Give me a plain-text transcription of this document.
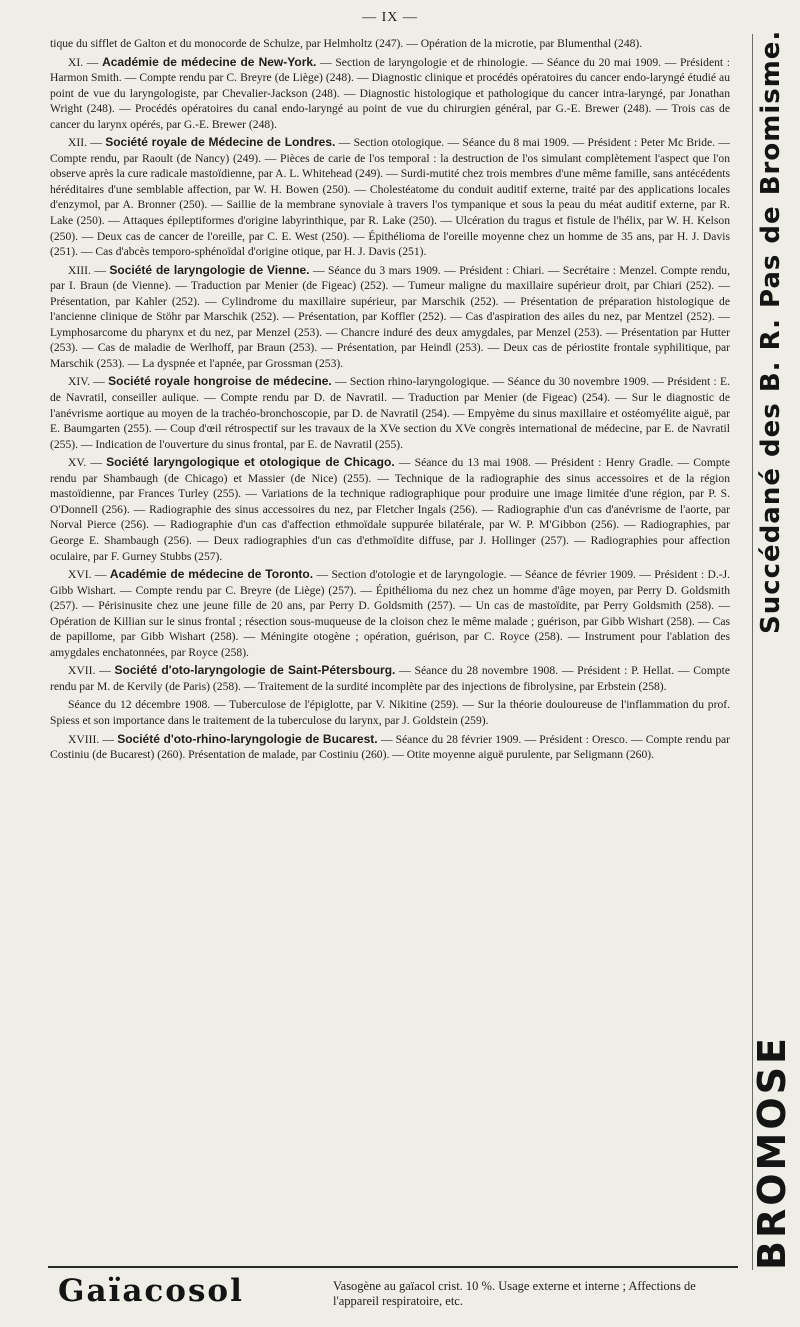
— IX —

tique du sifflet de Galton et du monocorde de Schulze, par Helmholtz (247). — Opération de la microtie, par Blumenthal (248).

XI. — Académie de médecine de New-York. — Section de laryngologie et de rhinologie. — Séance du 20 mai 1909. — Président : Harmon Smith. — Compte rendu par C. Breyre (de Liège) (248). — Diagnostic clinique et procédés opératoires du cancer endo-laryngé étudié au point de vue du laryngologiste, par Chevalier-Jackson (248). — Diagnostic histologique et pathologique du cancer intra-laryngé, par Jonathan Wright (248). — Procédés opératoires du canal endo-laryngé au point de vue du chirurgien général, par G.-E. Brewer (248). — Trois cas de cancer du larynx opérés, par G.-E. Brewer (248).

XII. — Société royale de Médecine de Londres. — Section otologique. — Séance du 8 mai 1909. — Président : Peter Mc Bride. — Compte rendu, par Raoult (de Nancy) (249). — Pièces de carie de l'os temporal : la destruction de l'os simulant complètement l'aspect que l'on observe après la cure radicale mastoïdienne, par A. L. Whitehead (249). — Surdi-mutité chez trois membres d'une même famille, sans antécédents héréditaires d'une semblable affection, par W. H. Bowen (250). — Cholestéatome du conduit auditif externe, traité par des applications locales d'enzymol, par A. Bronner (250). — Saillie de la membrane synoviale à travers l'os tympanique et sous la peau du méat auditif externe, par R. Lake (250). — Attaques épileptiformes d'origine labyrinthique, par R. Lake (250). — Ulcération du tragus et fistule de l'hélix, par W. H. Kelson (250). — Deux cas de cancer de l'oreille, par C. E. West (250). — Épithélioma de l'oreille moyenne chez un homme de 35 ans, par H. J. Davis (251). — Cas d'abcès temporo-sphénoïdal d'origine otique, par H. J. Davis (251).

XIII. — Société de laryngologie de Vienne. — Séance du 3 mars 1909. — Président : Chiari. — Secrétaire : Menzel. Compte rendu, par I. Braun (de Vienne). — Traduction par Menier (de Figeac) (252). — Tumeur maligne du maxillaire supérieur droit, par Chiari (252). — Présentation, par Kahler (252). — Cylindrome du maxillaire supérieur, par Marschik (252). — Présentation de préparation histologique de l'ancienne clinique de Stöhr par Marschik (252). — Présentation, par Koffler (252). — Cas d'aspiration des ailes du nez, par Mentzel (252). — Lymphosarcome du pharynx et du nez, par Menzel (253). — Chancre induré des deux amygdales, par Menzel (253). — Présentation par Hutter (253). — Cas de maladie de Werlhoff, par Braun (253). — Présentation, par Heindl (253). — Deux cas de périostite frontale syphilitique, par Marschik (253). — La dyspnée et l'apnée, par Grossman (253).

XIV. — Société royale hongroise de médecine. — Section rhino-laryngologique. — Séance du 30 novembre 1909. — Président : E. de Navratil, conseiller aulique. — Compte rendu par D. de Navratil. — Traduction par Menier (de Figeac) (254). — Sur le diagnostic de l'anévrisme aortique au moyen de la trachéo-bronchoscopie, par D. de Navratil (254). — Empyème du sinus maxillaire et ostéomyélite aiguë, par E. Baumgarten (255). — Coup d'œil rétrospectif sur les travaux de la XVe section du XVe congrès international de médecine, par E. de Navratil (255). — Indication de l'ouverture du sinus frontal, par E. de Navratil (255).

XV. — Société laryngologique et otologique de Chicago. — Séance du 13 mai 1908. — Président : Henry Gradle. — Compte rendu par Shambaugh (de Chicago) et Massier (de Nice) (255). — Technique de la radiographie des sinus accessoires et de la région mastoïdienne, par Frances Turley (255). — Variations de la technique radiographique pour produire une image limitée d'une région, par P. S. O'Donnell (256). — Radiographie des sinus accessoires du nez, par Fletcher Ingals (256). — Radiographie d'un cas d'anévrisme de l'aorte, par Norval Pierce (256). — Radiographie d'un cas d'affection ethmoïdale suppurée bilatérale, par W. P. M'Gibbon (256). — Radiographies, par George E. Shambaugh (256). — Deux radiographies d'un cas d'ethmoïdite diffuse, par J. Hollinger (257). — Radiographies pour affection oculaire, par F. Gurney Stubbs (257).

XVI. — Académie de médecine de Toronto. — Section d'otologie et de laryngologie. — Séance de février 1909. — Président : D.-J. Gibb Wishart. — Compte rendu par C. Breyre (de Liège) (257). — Épithélioma du nez chez un homme d'âge moyen, par Perry D. Goldsmith (257). — Périsinusite chez une jeune fille de 20 ans, par Perry D. Goldsmith (257). — Un cas de mastoïdite, par Perry Goldsmith (258). — Opération de Killian sur le sinus frontal ; résection sous-muqueuse de la cloison chez le même malade ; guérison, par Gibb Wishart (258). — Cas de papillome, par Gibb Wishart (258). — Méningite otogène ; opération, guérison, par C. Royce (258). — Instrument pour l'ablation des amygdales enchatonnées, par Royce (258).

XVII. — Société d'oto-laryngologie de Saint-Pétersbourg. — Séance du 28 novembre 1908. — Président : P. Hellat. — Compte rendu par M. de Kervily (de Paris) (258). — Traitement de la surdité incomplète par des injections de fibrolysine, par Erbstein (258).

Séance du 12 décembre 1908. — Tuberculose de l'épiglotte, par V. Nikitine (259). — Sur la théorie douloureuse de l'inflammation du prof. Spiess et son importance dans le traitement de la tuberculose du larynx, par J. Goldstein (259).

XVIII. — Société d'oto-rhino-laryngologie de Bucarest. — Séance du 28 février 1909. — Président : Oresco. — Compte rendu par Costiniu (de Bucarest) (260). Présentation de malade, par Costiniu (260). — Otite moyenne aiguë purulente, par Seligmann (260).

Succédané des B. R. Pas de Bromisme.
BROMOSE
Gaïacosol	Vasogène au gaïacol crist. 10 %. Usage externe et interne ; Affections de l'appareil respiratoire, etc.
